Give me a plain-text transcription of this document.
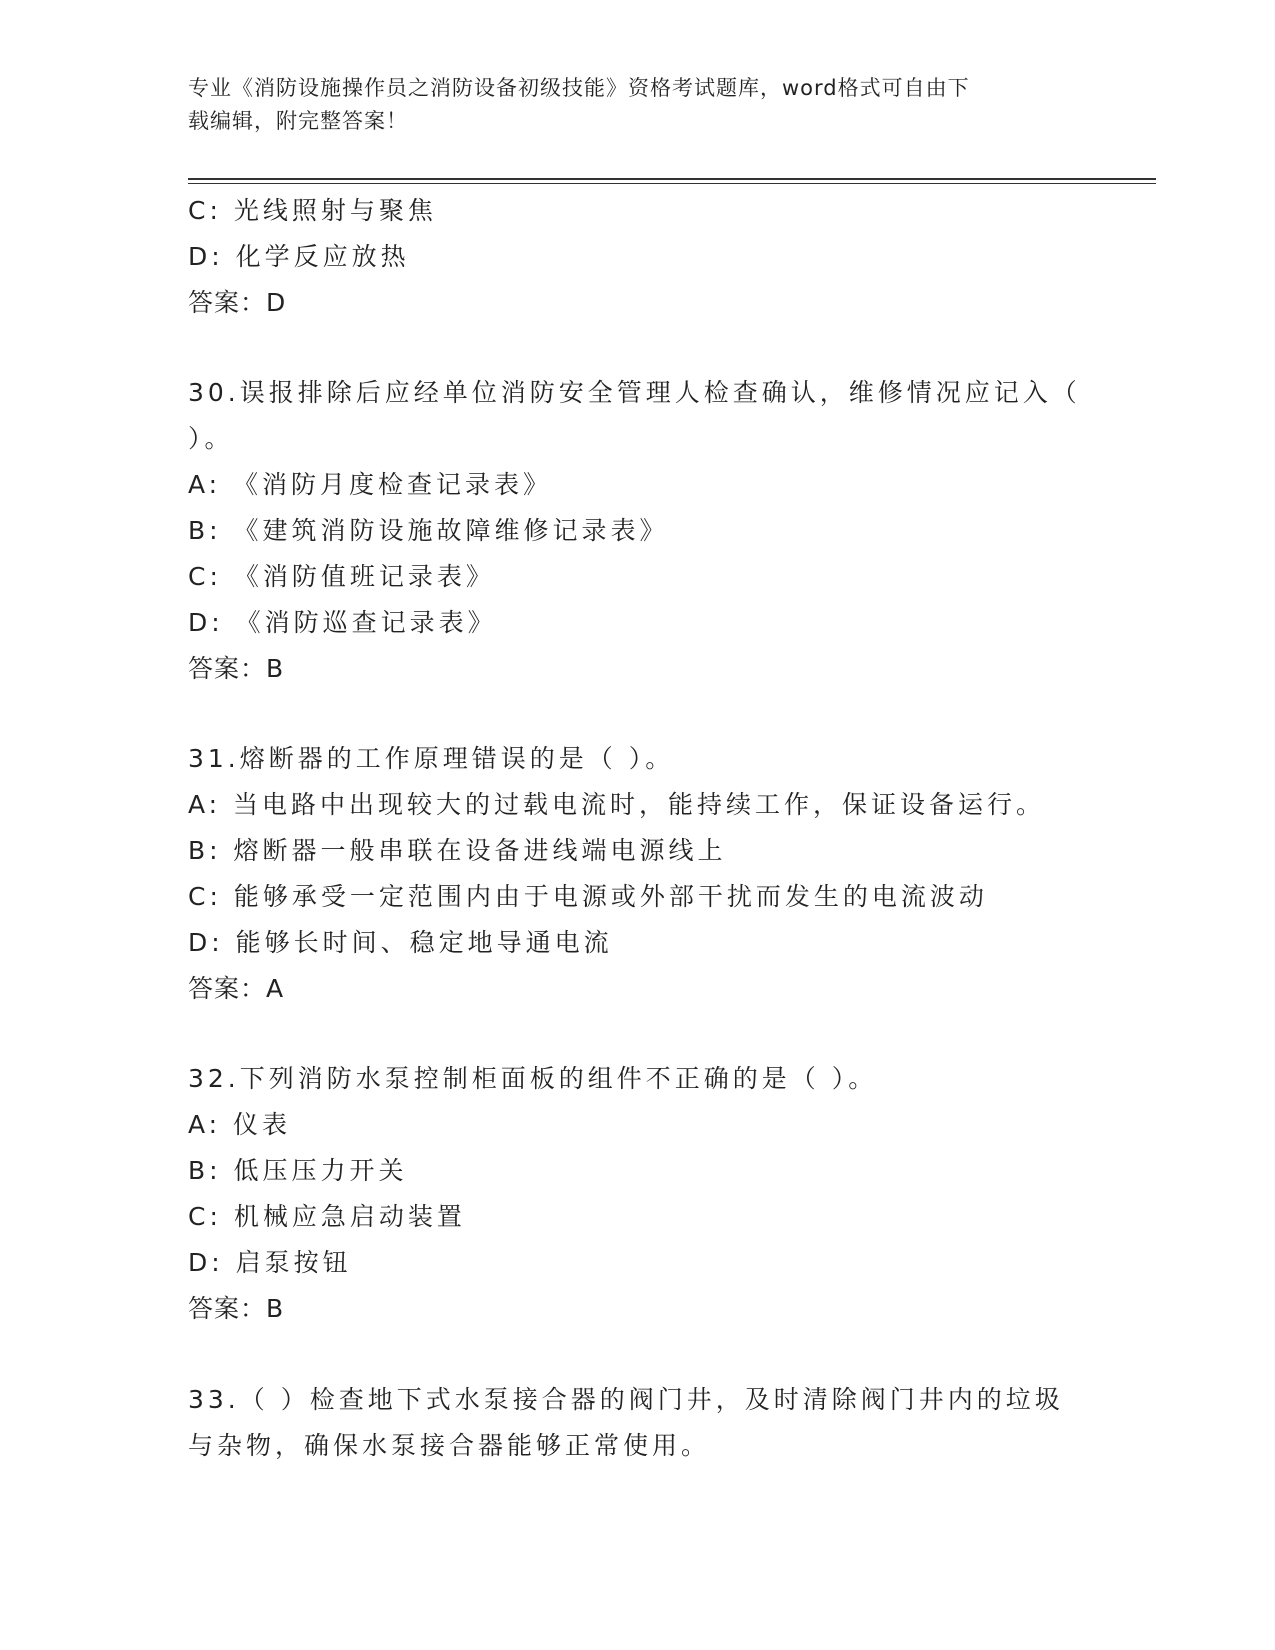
专业《消防设施操作员之消防设备初级技能》资格考试题库，word格式可自由下
载编辑，附完整答案！
C: 光线照射与聚焦
D: 化学反应放热
答案：D
30.误报排除后应经单位消防安全管理人检查确认，维修情况应记入（
）。
A: 《消防月度检查记录表》
B: 《建筑消防设施故障维修记录表》
C: 《消防值班记录表》
D: 《消防巡查记录表》
答案：B
31.熔断器的工作原理错误的是（ ）。
A: 当电路中出现较大的过载电流时，能持续工作，保证设备运行。
B: 熔断器一般串联在设备进线端电源线上
C: 能够承受一定范围内由于电源或外部干扰而发生的电流波动
D: 能够长时间、稳定地导通电流
答案：A
32.下列消防水泵控制柜面板的组件不正确的是（ ）。
A: 仪表
B: 低压压力开关
C: 机械应急启动装置
D: 启泵按钮
答案：B
33.（ ）检查地下式水泵接合器的阀门井，及时清除阀门井内的垃圾
与杂物，确保水泵接合器能够正常使用。
